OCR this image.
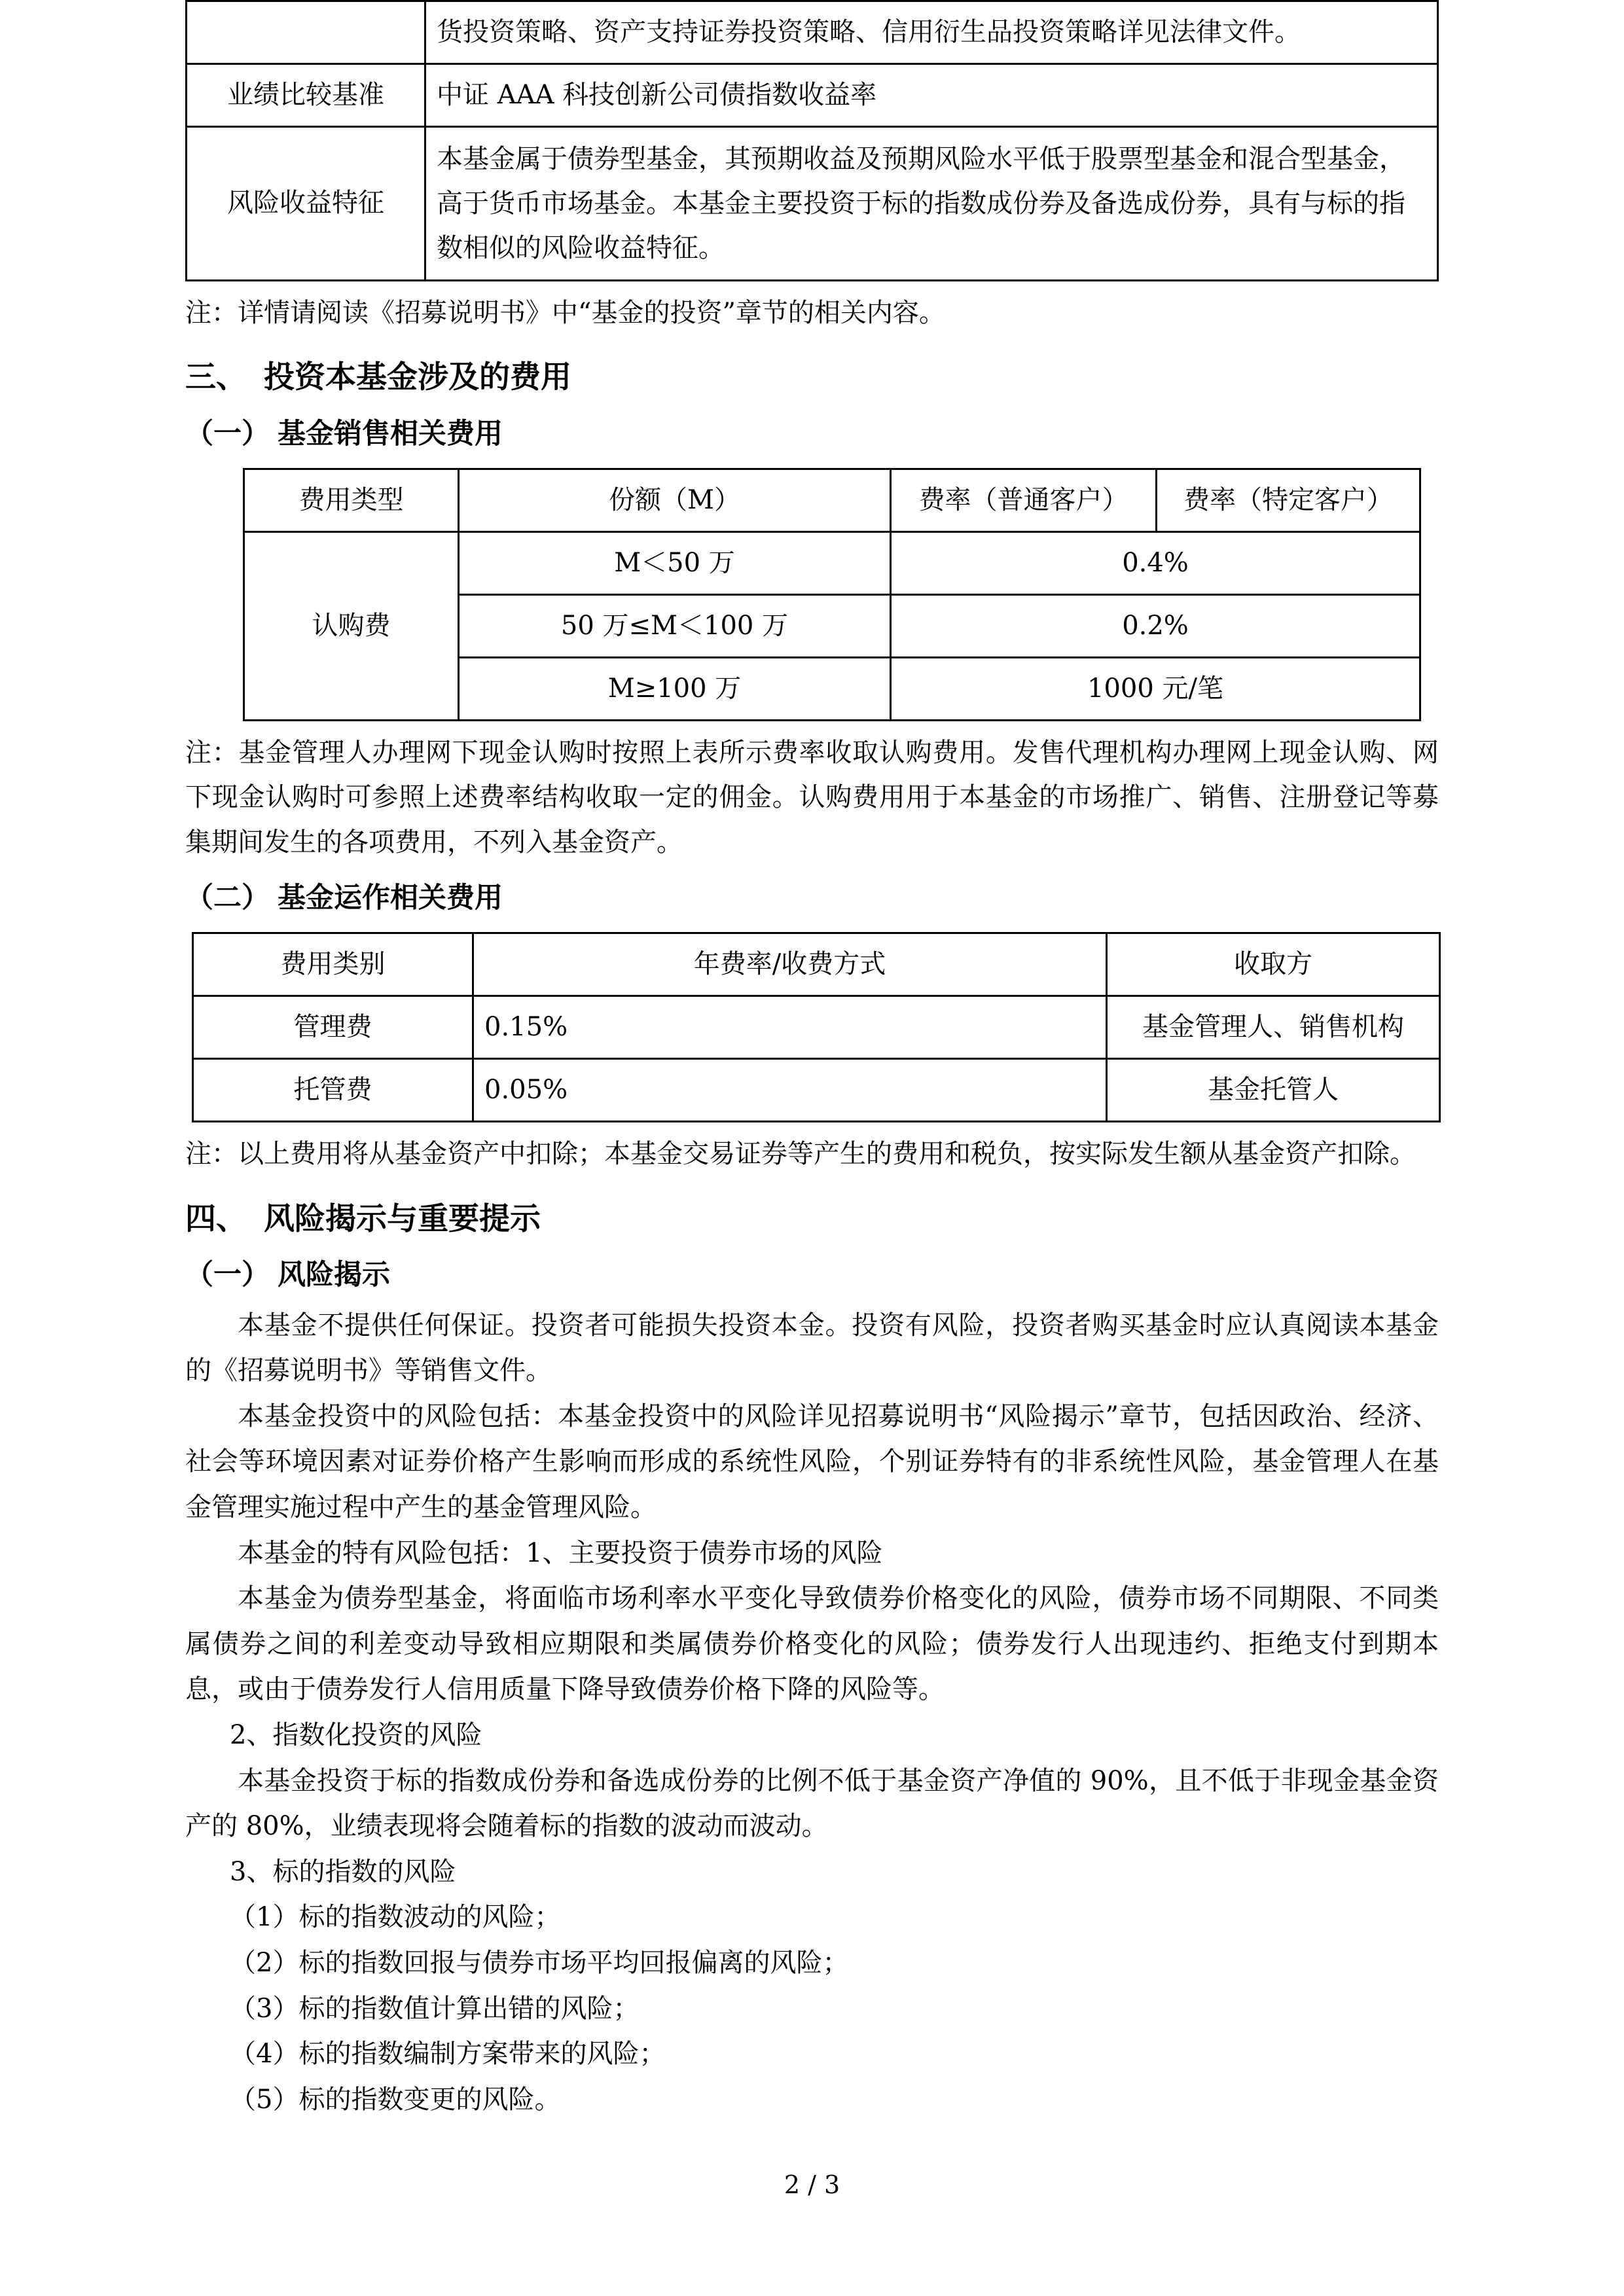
	货投资策略、资产支持证券投资策略、信用衍生品投资策略详见法律文件。
业绩比较基准	中证 AAA 科技创新公司债指数收益率
风险收益特征	本基金属于债券型基金，其预期收益及预期风险水平低于股票型基金和混合型基金，高于货币市场基金。本基金主要投资于标的指数成份券及备选成份券，具有与标的指数相似的风险收益特征。

注：详情请阅读《招募说明书》中“基金的投资”章节的相关内容。

三、 投资本基金涉及的费用
（一） 基金销售相关费用
费用类型	份额（M）	费率（普通客户）	费率（特定客户）
认购费	M＜50 万	0.4%	
	50 万≤M＜100 万	0.2%	
	M≥100 万	1000 元/笔	

注：基金管理人办理网下现金认购时按照上表所示费率收取认购费用。发售代理机构办理网上现金认购、网下现金认购时可参照上述费率结构收取一定的佣金。认购费用用于本基金的市场推广、销售、注册登记等募集期间发生的各项费用，不列入基金资产。

（二） 基金运作相关费用
费用类别	年费率/收费方式	收取方
管理费	0.15%	基金管理人、销售机构
托管费	0.05%	基金托管人

注：以上费用将从基金资产中扣除；本基金交易证券等产生的费用和税负，按实际发生额从基金资产扣除。

四、 风险揭示与重要提示
（一） 风险揭示

本基金不提供任何保证。投资者可能损失投资本金。投资有风险，投资者购买基金时应认真阅读本基金的《招募说明书》等销售文件。

本基金投资中的风险包括：本基金投资中的风险详见招募说明书“风险揭示”章节，包括因政治、经济、社会等环境因素对证券价格产生影响而形成的系统性风险，个别证券特有的非系统性风险，基金管理人在基金管理实施过程中产生的基金管理风险。

本基金的特有风险包括：1、主要投资于债券市场的风险

本基金为债券型基金，将面临市场利率水平变化导致债券价格变化的风险，债券市场不同期限、不同类属债券之间的利差变动导致相应期限和类属债券价格变化的风险；债券发行人出现违约、拒绝支付到期本息，或由于债券发行人信用质量下降导致债券价格下降的风险等。

2、指数化投资的风险

本基金投资于标的指数成份券和备选成份券的比例不低于基金资产净值的 90%，且不低于非现金基金资产的 80%，业绩表现将会随着标的指数的波动而波动。

3、标的指数的风险

（1）标的指数波动的风险；

（2）标的指数回报与债券市场平均回报偏离的风险；

（3）标的指数值计算出错的风险；

（4）标的指数编制方案带来的风险；

（5）标的指数变更的风险。

2 / 3
